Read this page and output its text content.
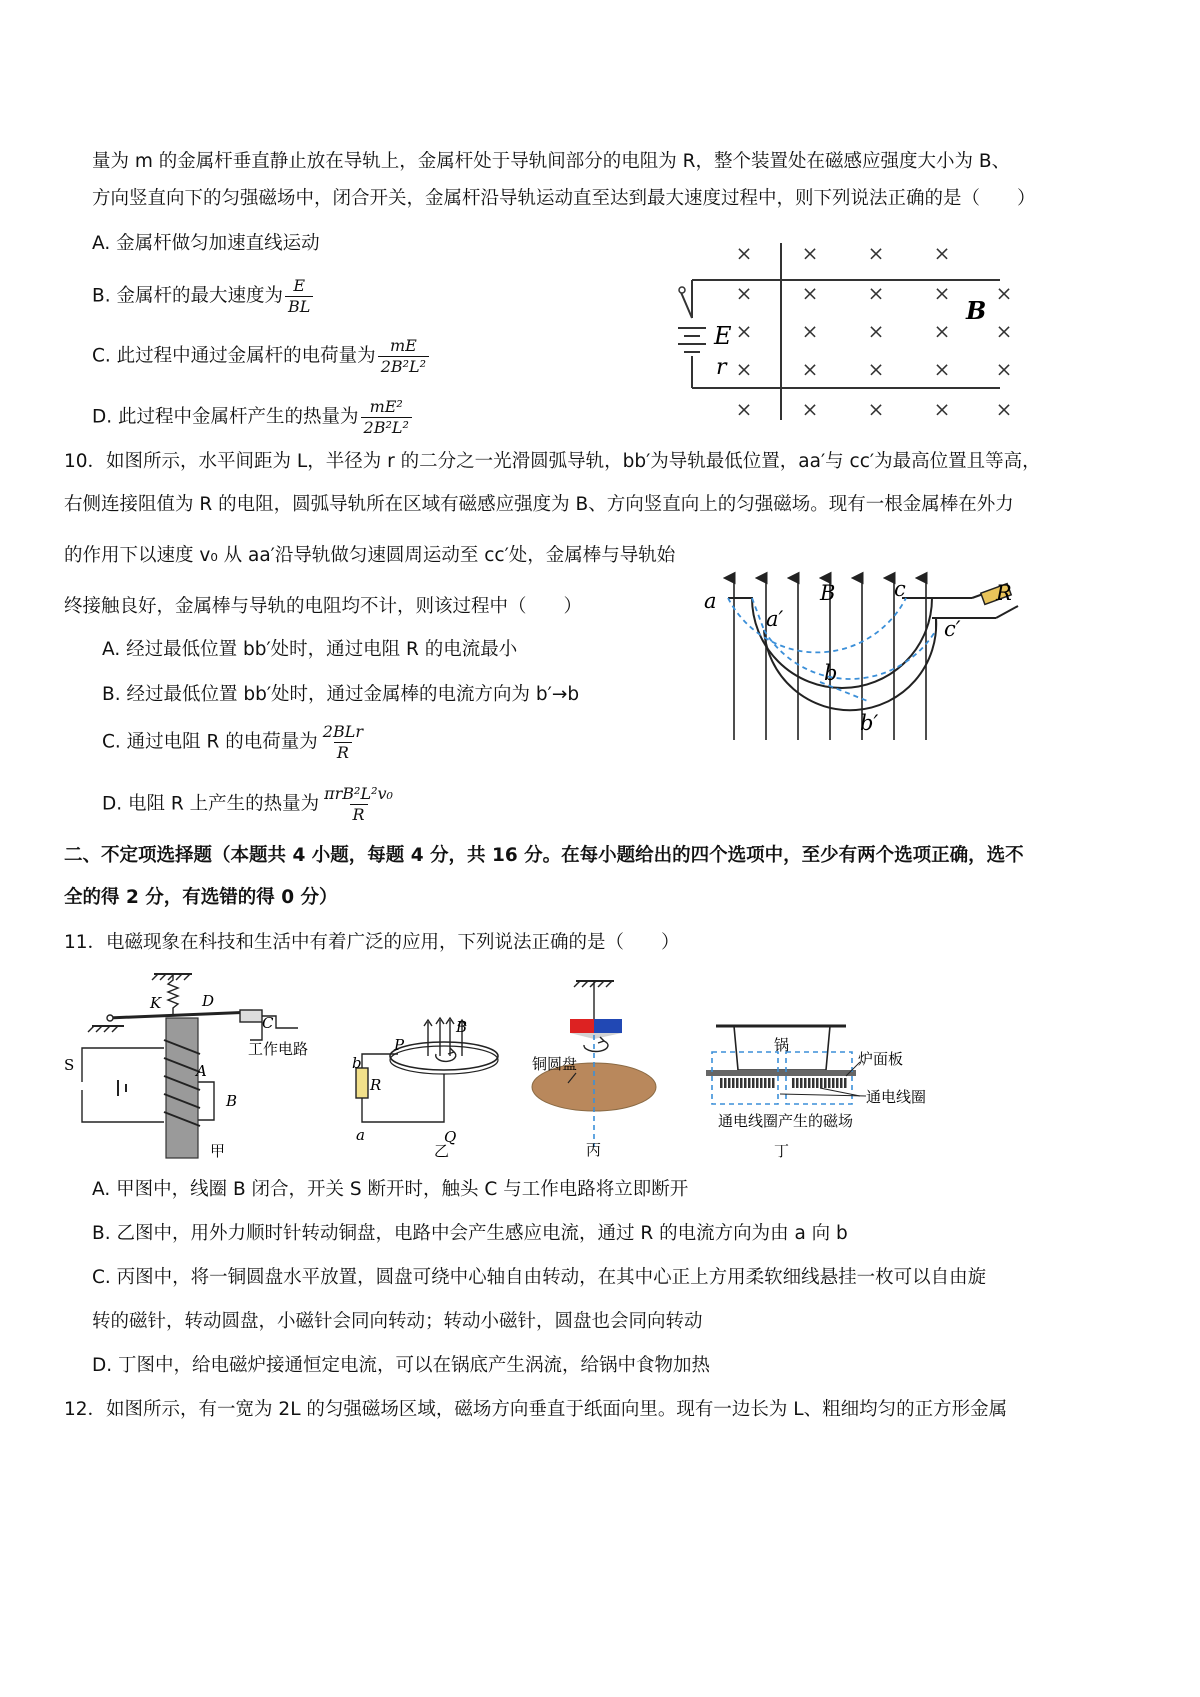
量为 m 的金属杆垂直静止放在导轨上，金属杆处于导轨间部分的电阻为 R，整个装置处在磁感应强度大小为 B、
方向竖直向下的匀强磁场中，闭合开关，金属杆沿导轨运动直至达到最大速度过程中，则下列说法正确的是（　　）
A. 金属杆做匀加速直线运动
B. 金属杆的最大速度为 $\frac{E}{BL}$
C. 此过程中通过金属杆的电荷量为 $\frac{mE}{\text{2B²L²}}$
D. 此过程中金属杆产生的热量为 $\frac{\text{mE²}}{\text{2B²L²}}$
× × × ×
× × × × ×
× × × × ×
× × × × ×
× × × × ×
E
r
B
10．如图所示，水平间距为 L，半径为 r 的二分之一光滑圆弧导轨，bb′为导轨最低位置，aa′与 cc′为最高位置且等高，
右侧连接阻值为 R 的电阻，圆弧导轨所在区域有磁感应强度为 B、方向竖直向上的匀强磁场。现有一根金属棒在外力
的作用下以速度 v₀ 从 aa′沿导轨做匀速圆周运动至 cc′处，金属棒与导轨始
终接触良好，金属棒与导轨的电阻均不计，则该过程中（　　）
A. 经过最低位置 bb′处时，通过电阻 R 的电流最小
B. 经过最低位置 bb′处时，通过金属棒的电流方向为 b′→b
C. 通过电阻 R 的电荷量为 2BLr
R
D. 电阻 R 上产生的热量为 πrB²L²v₀
R
a
a′
B	c
c′
R
b
b′
二、不定项选择题（本题共 4 小题，每题 4 分，共 16 分。在每小题给出的四个选项中，至少有两个选项正确，选不
全的得 2 分，有选错的得 0 分）
11．电磁现象在科技和生活中有着广泛的应用，下列说法正确的是（　　）
K	D
C
工作电路
S	A
B
甲
B
P
b
R
a	Q
乙
铜圆盘
丙
锅
炉面板
通电线圈
通电线圈产生的磁场
丁
A. 甲图中，线圈 B 闭合，开关 S 断开时，触头 C 与工作电路将立即断开
B. 乙图中，用外力顺时针转动铜盘，电路中会产生感应电流，通过 R 的电流方向为由 a 向 b
C. 丙图中，将一铜圆盘水平放置，圆盘可绕中心轴自由转动，在其中心正上方用柔软细线悬挂一枚可以自由旋
转的磁针，转动圆盘，小磁针会同向转动；转动小磁针，圆盘也会同向转动
D. 丁图中，给电磁炉接通恒定电流，可以在锅底产生涡流，给锅中食物加热
12．如图所示，有一宽为 2L 的匀强磁场区域，磁场方向垂直于纸面向里。现有一边长为 L、粗细均匀的正方形金属
